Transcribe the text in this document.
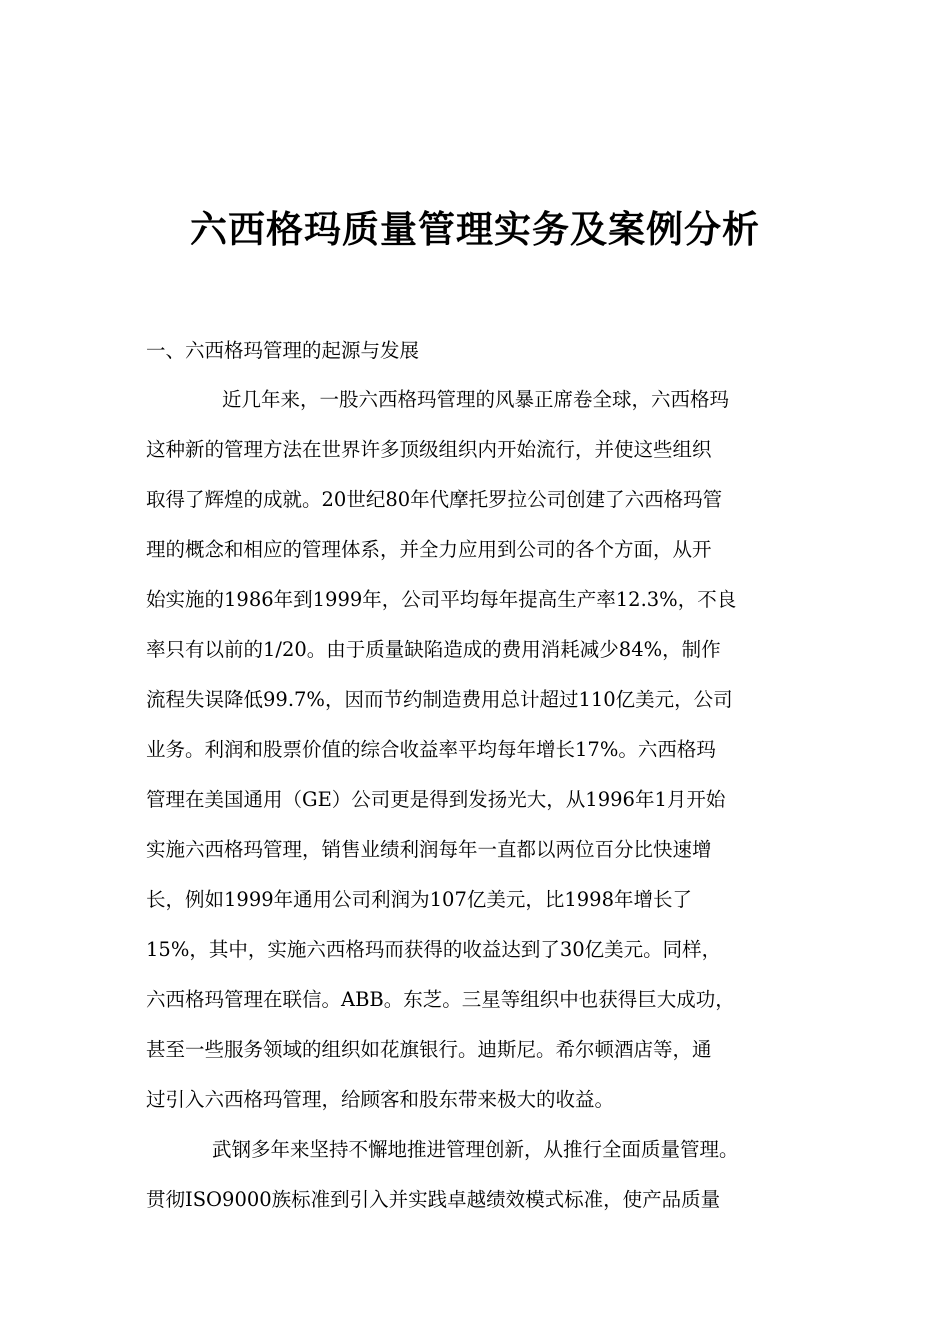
六西格玛质量管理实务及案例分析
一、六西格玛管理的起源与发展
近几年来，一股六西格玛管理的风暴正席卷全球，六西格玛
这种新的管理方法在世界许多顶级组织内开始流行，并使这些组织
取得了辉煌的成就。20世纪80年代摩托罗拉公司创建了六西格玛管
理的概念和相应的管理体系，并全力应用到公司的各个方面，从开
始实施的1986年到1999年，公司平均每年提高生产率12.3%，不良
率只有以前的1/20。由于质量缺陷造成的费用消耗减少84%，制作
流程失误降低99.7%，因而节约制造费用总计超过110亿美元，公司
业务。利润和股票价值的综合收益率平均每年增长17%。六西格玛
管理在美国通用（GE）公司更是得到发扬光大，从1996年1月开始
实施六西格玛管理，销售业绩利润每年一直都以两位百分比快速增
长，例如1999年通用公司利润为107亿美元，比1998年增长了
15%，其中，实施六西格玛而获得的收益达到了30亿美元。同样，
六西格玛管理在联信。ABB。东芝。三星等组织中也获得巨大成功，
甚至一些服务领域的组织如花旗银行。迪斯尼。希尔顿酒店等，通
过引入六西格玛管理，给顾客和股东带来极大的收益。
武钢多年来坚持不懈地推进管理创新，从推行全面质量管理。
贯彻ISO9000族标准到引入并实践卓越绩效模式标准，使产品质量
